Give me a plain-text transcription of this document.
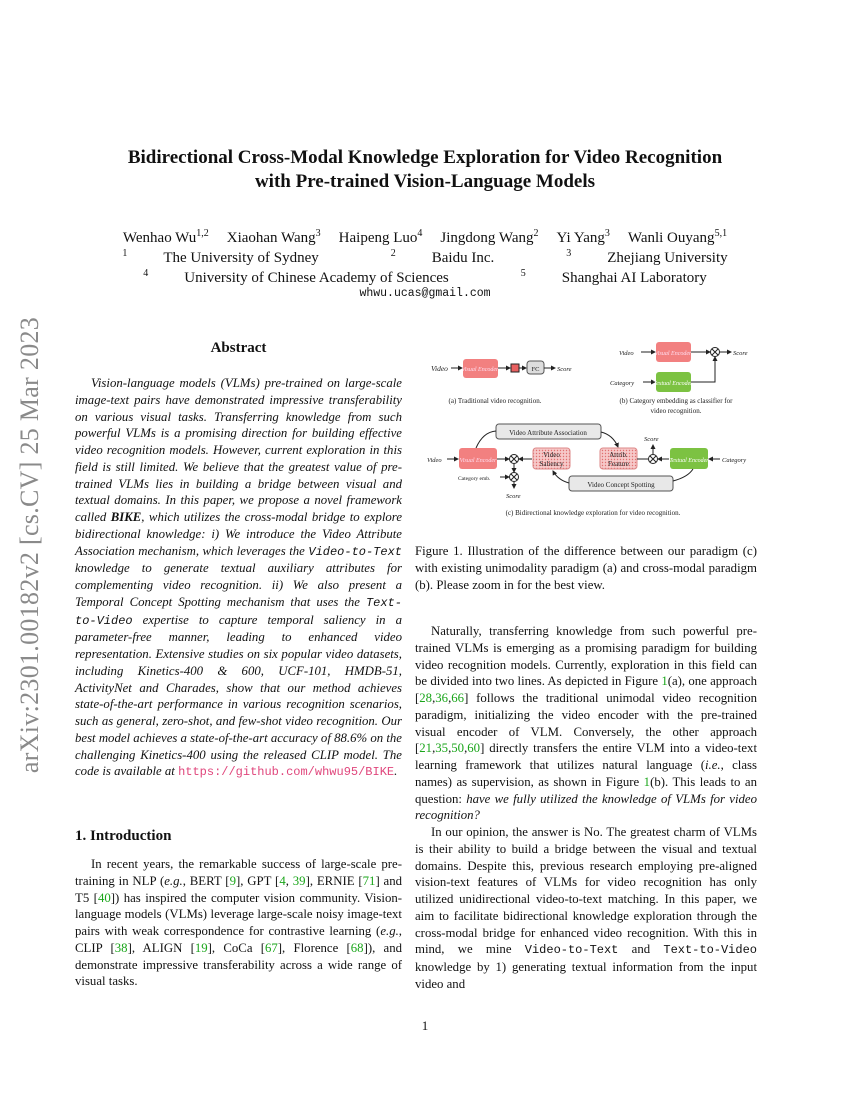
arXiv:2301.00182v2 [cs.CV] 25 Mar 2023
Bidirectional Cross-Modal Knowledge Exploration for Video Recognition
with Pre-trained Vision-Language Models
Wenhao Wu$^{1,2}$ Xiaohan Wang$^3$ Haipeng Luo$^4$ Jingdong Wang$^2$ Yi Yang$^3$ Wanli Ouyang$^{5,1}$
$^1$ The University of Sydney	$^2$ Baidu Inc.	$^3$ Zhejiang University
$^4$ University of Chinese Academy of Sciences	$^5$ Shanghai AI Laboratory
whwu.ucas@gmail.com
Abstract

Vision-language models (VLMs) pre-trained on large-scale image-text pairs have demonstrated impressive transferability on various visual tasks. Transferring knowledge from such powerful VLMs is a promising direction for building effective video recognition models. However, current exploration in this field is still limited. We believe that the greatest value of pre-trained VLMs lies in building a bridge between visual and textual domains. In this paper, we propose a novel framework called BIKE, which utilizes the cross-modal bridge to explore bidirectional knowledge: i) We introduce the Video Attribute Association mechanism, which leverages the Video-to-Text knowledge to generate textual auxiliary attributes for complementing video recognition. ii) We also present a Temporal Concept Spotting mechanism that uses the Text-to-Video expertise to capture temporal saliency in a parameter-free manner, leading to enhanced video representation. Extensive studies on six popular video datasets, including Kinetics-400 & 600, UCF-101, HMDB-51, ActivityNet and Charades, show that our method achieves state-of-the-art performance in various recognition scenarios, such as general, zero-shot, and few-shot video recognition. Our best model achieves a state-of-the-art accuracy of 88.6% on the challenging Kinetics-400 using the released CLIP model. The code is available at https://github.com/whwu95/BIKE.

1. Introduction

In recent years, the remarkable success of large-scale pre-training in NLP (e.g., BERT [9], GPT [4, 39], ERNIE [71] and T5 [40]) has inspired the computer vision community. Vision-language models (VLMs) leverage large-scale noisy image-text pairs with weak correspondence for contrastive learning (e.g., CLIP [38], ALIGN [19], CoCa [67], Florence [68]), and demonstrate impressive transferability across a wide range of visual tasks.

Video Visual Encoder	FC	Score
(a) Traditional video recognition.
Video	Visual Encoder	Score
Category	Textual Encoder
(b) Category embedding as classifier for
video recognition.
Video Attribute Association
Video	Visual Encoder
Video
Saliency
Attrib.
Feature
Score
Textual Encoder Category
Category emb.
Score
Video Concept Spotting
(c) Bidirectional knowledge exploration for video recognition.
Figure 1. Illustration of the difference between our paradigm (c) with existing unimodality paradigm (a) and cross-modal paradigm (b). Please zoom in for the best view.

Naturally, transferring knowledge from such powerful pre-trained VLMs is emerging as a promising paradigm for building video recognition models. Currently, exploration in this field can be divided into two lines. As depicted in Figure 1(a), one approach [28,36,66] follows the traditional unimodal video recognition paradigm, initializing the video encoder with the pre-trained visual encoder of VLM. Conversely, the other approach [21,35,50,60] directly transfers the entire VLM into a video-text learning framework that utilizes natural language (i.e., class names) as supervision, as shown in Figure 1(b). This leads to an question: have we fully utilized the knowledge of VLMs for video recognition?

In our opinion, the answer is No. The greatest charm of VLMs is their ability to build a bridge between the visual and textual domains. Despite this, previous research employing pre-aligned vision-text features of VLMs for video recognition has only utilized unidirectional video-to-text matching. In this paper, we aim to facilitate bidirectional knowledge exploration through the cross-modal bridge for enhanced video recognition. With this in mind, we mine Video-to-Text and Text-to-Video knowledge by 1) generating textual information from the input video and

1
